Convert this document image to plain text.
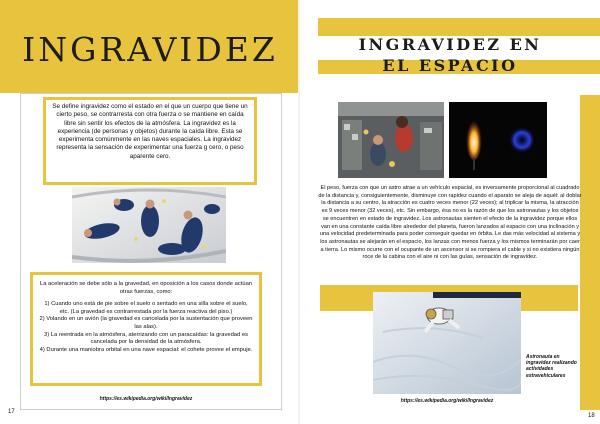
INGRAVIDEZ
Se define ingravidez como el estado en el que un cuerpo que tiene un cierto peso, se contrarresta con otra fuerza o se mantiene en caída libre sin sentir los efectos de la atmósfera. La ingravidez es la experiencia (de personas y objetos) durante la caída libre. Esta se experimenta comúnmente en las naves espaciales. La ingravidez representa la sensación de experimentar una fuerza g cero, o peso aparente cero.

La aceleración se debe sólo a la gravedad, en oposición a los casos donde actúan otras fuerzas, como:

1) Cuando uno está de pie sobre el suelo o sentado en una silla sobre el suelo, etc. (La gravedad es contrarrestada por la fuerza reactiva del piso.)

2) Volando en un avión (la gravedad es cancelada por la sustentación que proveen las alas).

3) La reentrada en la atmósfera, aterrizando con un paracaídas: la gravedad es cancelada por la densidad de la atmósfera.

4) Durante una maniobra orbital en una nave espacial: el cohete provee el empuje.

https://es.wikipedia.org/wiki/Ingravidez
17
INGRAVIDEZ EN
EL ESPACIO
El peso, fuerza con que un astro atrae a un vehículo espacial, es inversamente proporcional al cuadrado de la distancia y, consiguientemente, disminuye con rapidez cuando el aparato se aleja de aquél: al doblar la distancia a su centro, la atracción es cuatro veces menor (22 veces); al triplicar la misma, la atracción es 9 veces menor (32 veces), etc. Sin embargo, ésa no es la razón de que los astronautas y los objetos se encuentren en estado de ingravidez. Los astronautas sienten el efecto de la ingravidez porque ellos van en una constante caída libre alrededor del planeta, fueron lanzados al espacio con una inclinación y una velocidad predeterminada para poder conseguir quedar en órbita. Le das más velocidad al sistema y los astronautas se alejarán en el espacio, los lanzas con menos fuerza y los mismos terminarán por caer a tierra. Lo mismo ocurre con el ocupante de un ascensor si se rompiera el cable y si no existiera ningún roce de la cabina con el aire ni con las guías, sensación de ingravidez.
Astronauta en ingravidez realizando actividades extravehiculares
https://es.wikipedia.org/wiki/Ingravidez
18
